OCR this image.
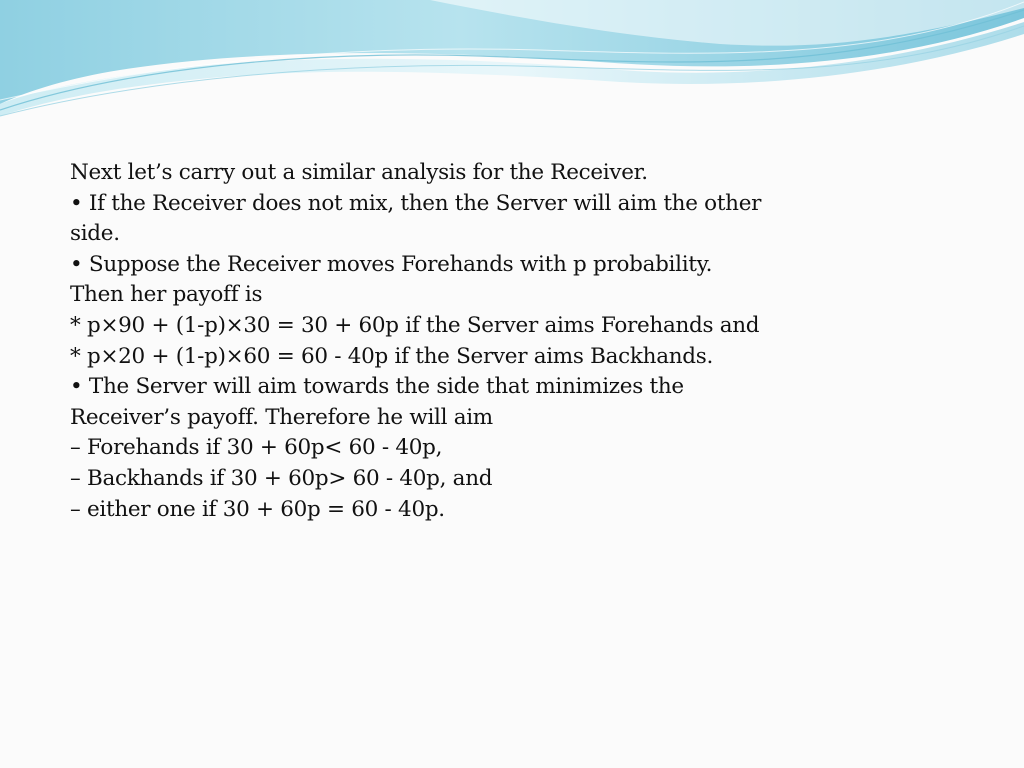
Next let’s carry out a similar analysis for the Receiver.
• If the Receiver does not mix, then the Server will aim the other
side.
• Suppose the Receiver moves Forehands with p probability.
Then her payoff is
* p×90 + (1-p)×30 = 30 + 60p if the Server aims Forehands and
* p×20 + (1-p)×60 = 60 - 40p if the Server aims Backhands.
• The Server will aim towards the side that minimizes the
Receiver’s payoff. Therefore he will aim
– Forehands if 30 + 60p< 60 - 40p,
– Backhands if 30 + 60p> 60 - 40p, and
– either one if 30 + 60p = 60 - 40p.
